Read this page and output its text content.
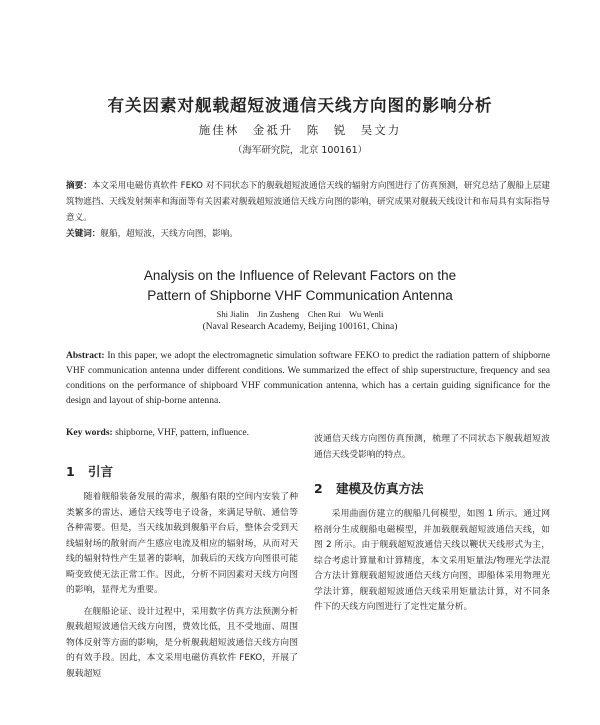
有关因素对舰载超短波通信天线方向图的影响分析
施佳林　金祗升　陈　锐　吴文力
（海军研究院，北京 100161）
摘要：本文采用电磁仿真软件 FEKO 对不同状态下的舰载超短波通信天线的辐射方向图进行了仿真预测，研究总结了舰船上层建筑物遮挡、天线发射频率和海面等有关因素对舰载超短波通信天线方向图的影响，研究成果对舰载天线设计和布局具有实际指导意义。
关键词：舰船，超短波，天线方向图，影响。
Analysis on the Influence of Relevant Factors on the
Pattern of Shipborne VHF Communication Antenna
Shi Jialin　Jin Zusheng　Chen Rui　Wu Wenli
(Naval Research Academy, Beijing 100161, China)
Abstract: In this paper, we adopt the electromagnetic simulation software FEKO to predict the radiation pattern of shipborne VHF communication antenna under different conditions. We summarized the effect of ship superstructure, frequency and sea conditions on the performance of shipboard VHF communication antenna, which has a certain guiding significance for the design and layout of ship-borne antenna.
Key words: shipborne, VHF, pattern, influence.
1 引言

随着舰船装备发展的需求，舰船有限的空间内安装了种类繁多的雷达、通信天线等电子设备，来满足导航、通信等各种需要。但是，当天线加载到舰船平台后，整体会受到天线辐射场的散射而产生感应电流及相应的辐射场，从而对天线的辐射特性产生显著的影响，加载后的天线方向图很可能畸变致使无法正常工作。因此，分析不同因素对天线方向图的影响，显得尤为重要。

在舰船论证、设计过程中，采用数字仿真方法预测分析舰载超短波通信天线方向图，费效比低，且不受地面、周围物体反射等方面的影响，是分析舰载超短波通信天线方向图的有效手段。因此，本文采用电磁仿真软件 FEKO，开展了舰载超短

波通信天线方向图仿真预测，梳理了不同状态下舰载超短波通信天线受影响的特点。

2 建模及仿真方法

采用曲面仿建立的舰船几何模型，如图 1 所示。通过网格剖分生成舰船电磁模型，并加载舰载超短波通信天线，如图 2 所示。由于舰载超短波通信天线以鞭状天线形式为主，综合考虑计算量和计算精度，本文采用矩量法/物理光学法混合方法计算舰载超短波通信天线方向图，即船体采用物理光学法计算，舰载超短波通信天线采用矩量法计算，对不同条件下的天线方向图进行了定性定量分析。
